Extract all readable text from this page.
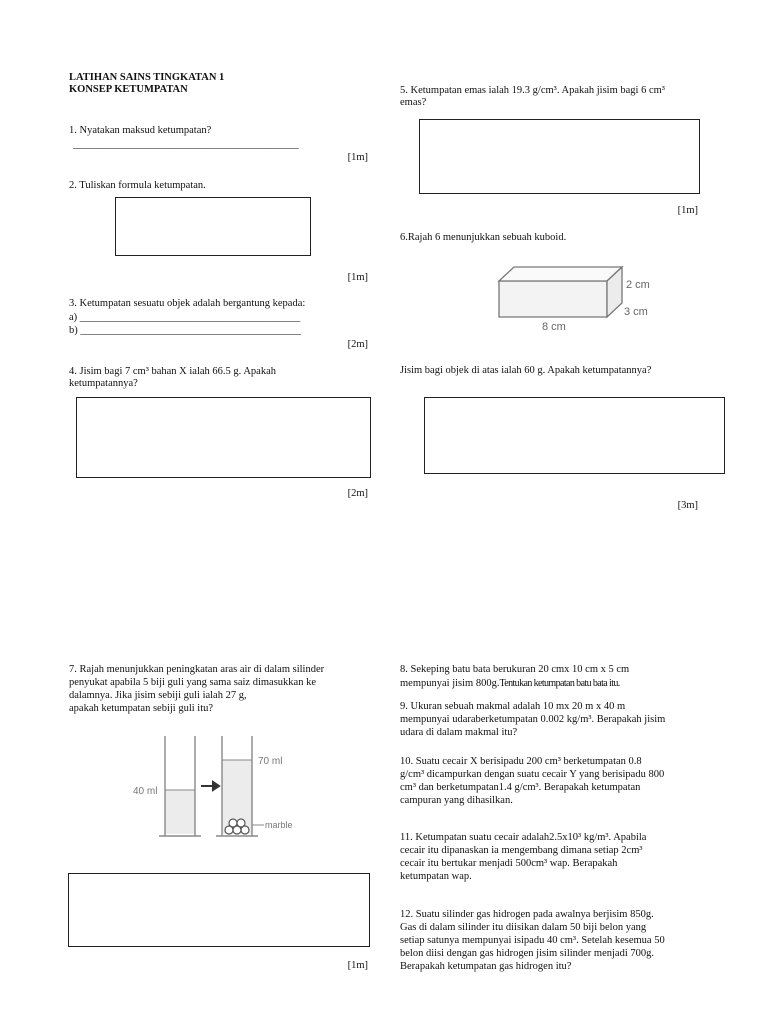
LATIHAN SAINS TINGKATAN 1
KONSEP KETUMPATAN
1. Nyatakan maksud ketumpatan?
___________________________________________
[1m]
2. Tuliskan formula ketumpatan.
[1m]
3. Ketumpatan sesuatu objek adalah bergantung kepada:
a) __________________________________________
b) __________________________________________
[2m]
4. Jisim bagi 7 cm³ bahan X ialah 66.5 g. Apakah
ketumpatannya?
[2m]
5. Ketumpatan emas ialah 19.3 g/cm³. Apakah jisim bagi 6 cm³
emas?
[1m]
6.Rajah 6 menunjukkan sebuah kuboid.
2 cm
3 cm
8 cm
Jisim bagi objek di atas ialah 60 g. Apakah ketumpatannya?
[3m]
7. Rajah menunjukkan peningkatan aras air di dalam silinder
penyukat apabila 5 biji guli yang sama saiz dimasukkan ke
dalamnya. Jika jisim sebiji guli ialah 27 g,
apakah ketumpatan sebiji guli itu?
40 ml
70 ml
marble
[1m]
8. Sekeping batu bata berukuran 20 cmx 10 cm x 5 cm
mempunyai jisim 800g.Tentukan ketumpatan batu bata itu.
9. Ukuran sebuah makmal adalah 10 mx 20 m x 40 m
mempunyai udaraberketumpatan 0.002 kg/m³. Berapakah jisim
udara di dalam makmal itu?
10. Suatu cecair X berisipadu 200 cm³ berketumpatan 0.8
g/cm³ dicampurkan dengan suatu cecair Y yang berisipadu 800
cm³ dan berketumpatan1.4 g/cm³. Berapakah ketumpatan
campuran yang dihasilkan.
11. Ketumpatan suatu cecair adalah2.5x10³ kg/m³. Apabila
cecair itu dipanaskan ia mengembang dimana setiap 2cm³
cecair itu bertukar menjadi 500cm³ wap. Berapakah
ketumpatan wap.
12. Suatu silinder gas hidrogen pada awalnya berjisim 850g.
Gas di dalam silinder itu diisikan dalam 50 biji belon yang
setiap satunya mempunyai isipadu 40 cm³. Setelah kesemua 50
belon diisi dengan gas hidrogen jisim silinder menjadi 700g.
Berapakah ketumpatan gas hidrogen itu?
